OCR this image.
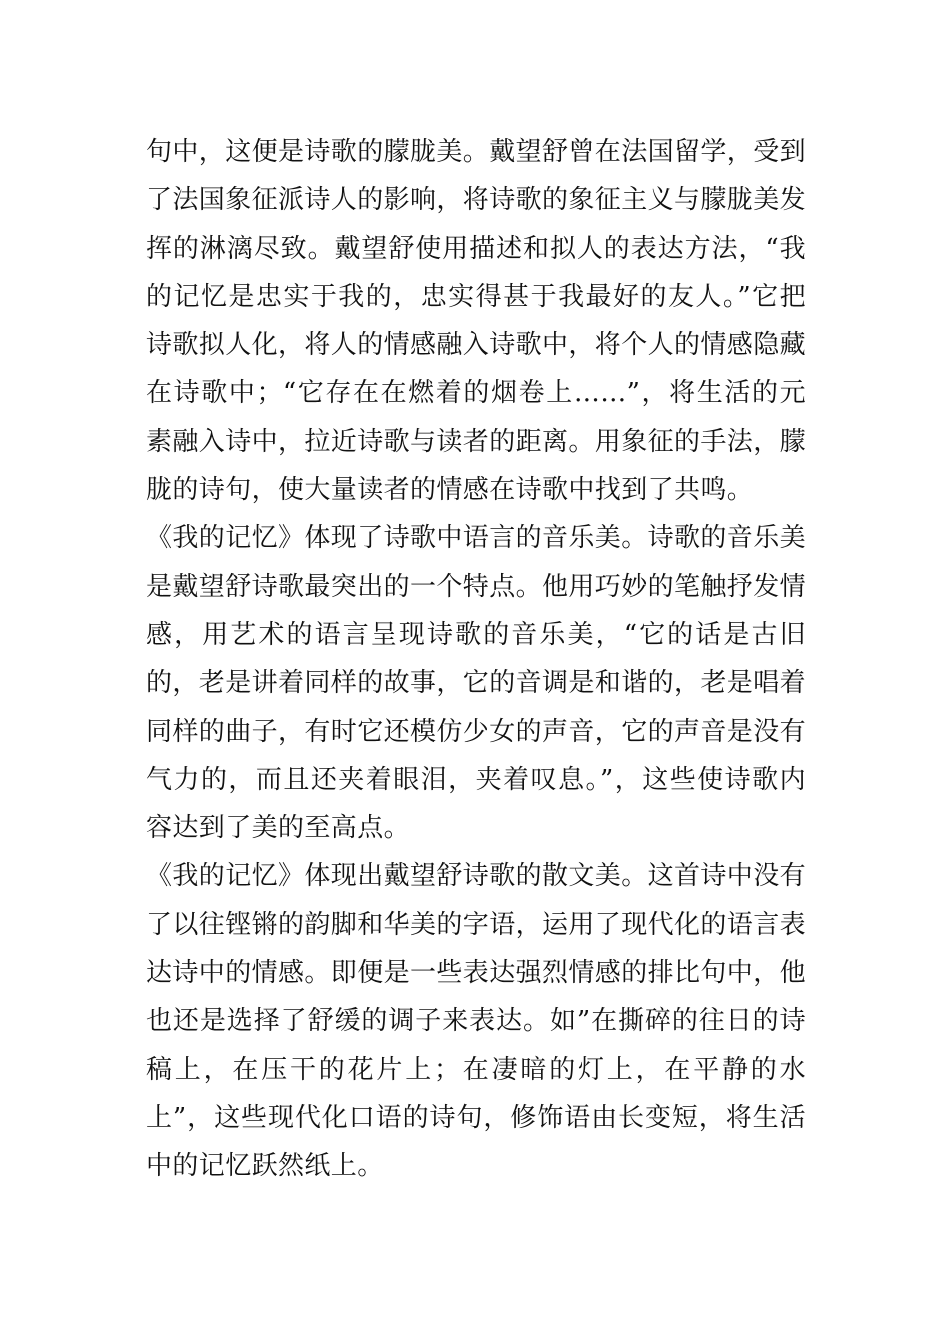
句中，这便是诗歌的朦胧美。戴望舒曾在法国留学，受到了法国象征派诗人的影响，将诗歌的象征主义与朦胧美发挥的淋漓尽致。戴望舒使用描述和拟人的表达方法，“我的记忆是忠实于我的，忠实得甚于我最好的友人。”它把诗歌拟人化，将人的情感融入诗歌中，将个人的情感隐藏在诗歌中；“它存在在燃着的烟卷上……”，将生活的元素融入诗中，拉近诗歌与读者的距离。用象征的手法，朦胧的诗句，使大量读者的情感在诗歌中找到了共鸣。

《我的记忆》体现了诗歌中语言的音乐美。诗歌的音乐美是戴望舒诗歌最突出的一个特点。他用巧妙的笔触抒发情感，用艺术的语言呈现诗歌的音乐美，“它的话是古旧的，老是讲着同样的故事，它的音调是和谐的，老是唱着同样的曲子，有时它还模仿少女的声音，它的声音是没有气力的，而且还夹着眼泪，夹着叹息。”，这些使诗歌内容达到了美的至高点。

《我的记忆》体现出戴望舒诗歌的散文美。这首诗中没有了以往铿锵的韵脚和华美的字语，运用了现代化的语言表达诗中的情感。即便是一些表达强烈情感的排比句中，他也还是选择了舒缓的调子来表达。如”在撕碎的往日的诗稿上，在压干的花片上；在凄暗的灯上，在平静的水上”，这些现代化口语的诗句，修饰语由长变短，将生活中的记忆跃然纸上。
